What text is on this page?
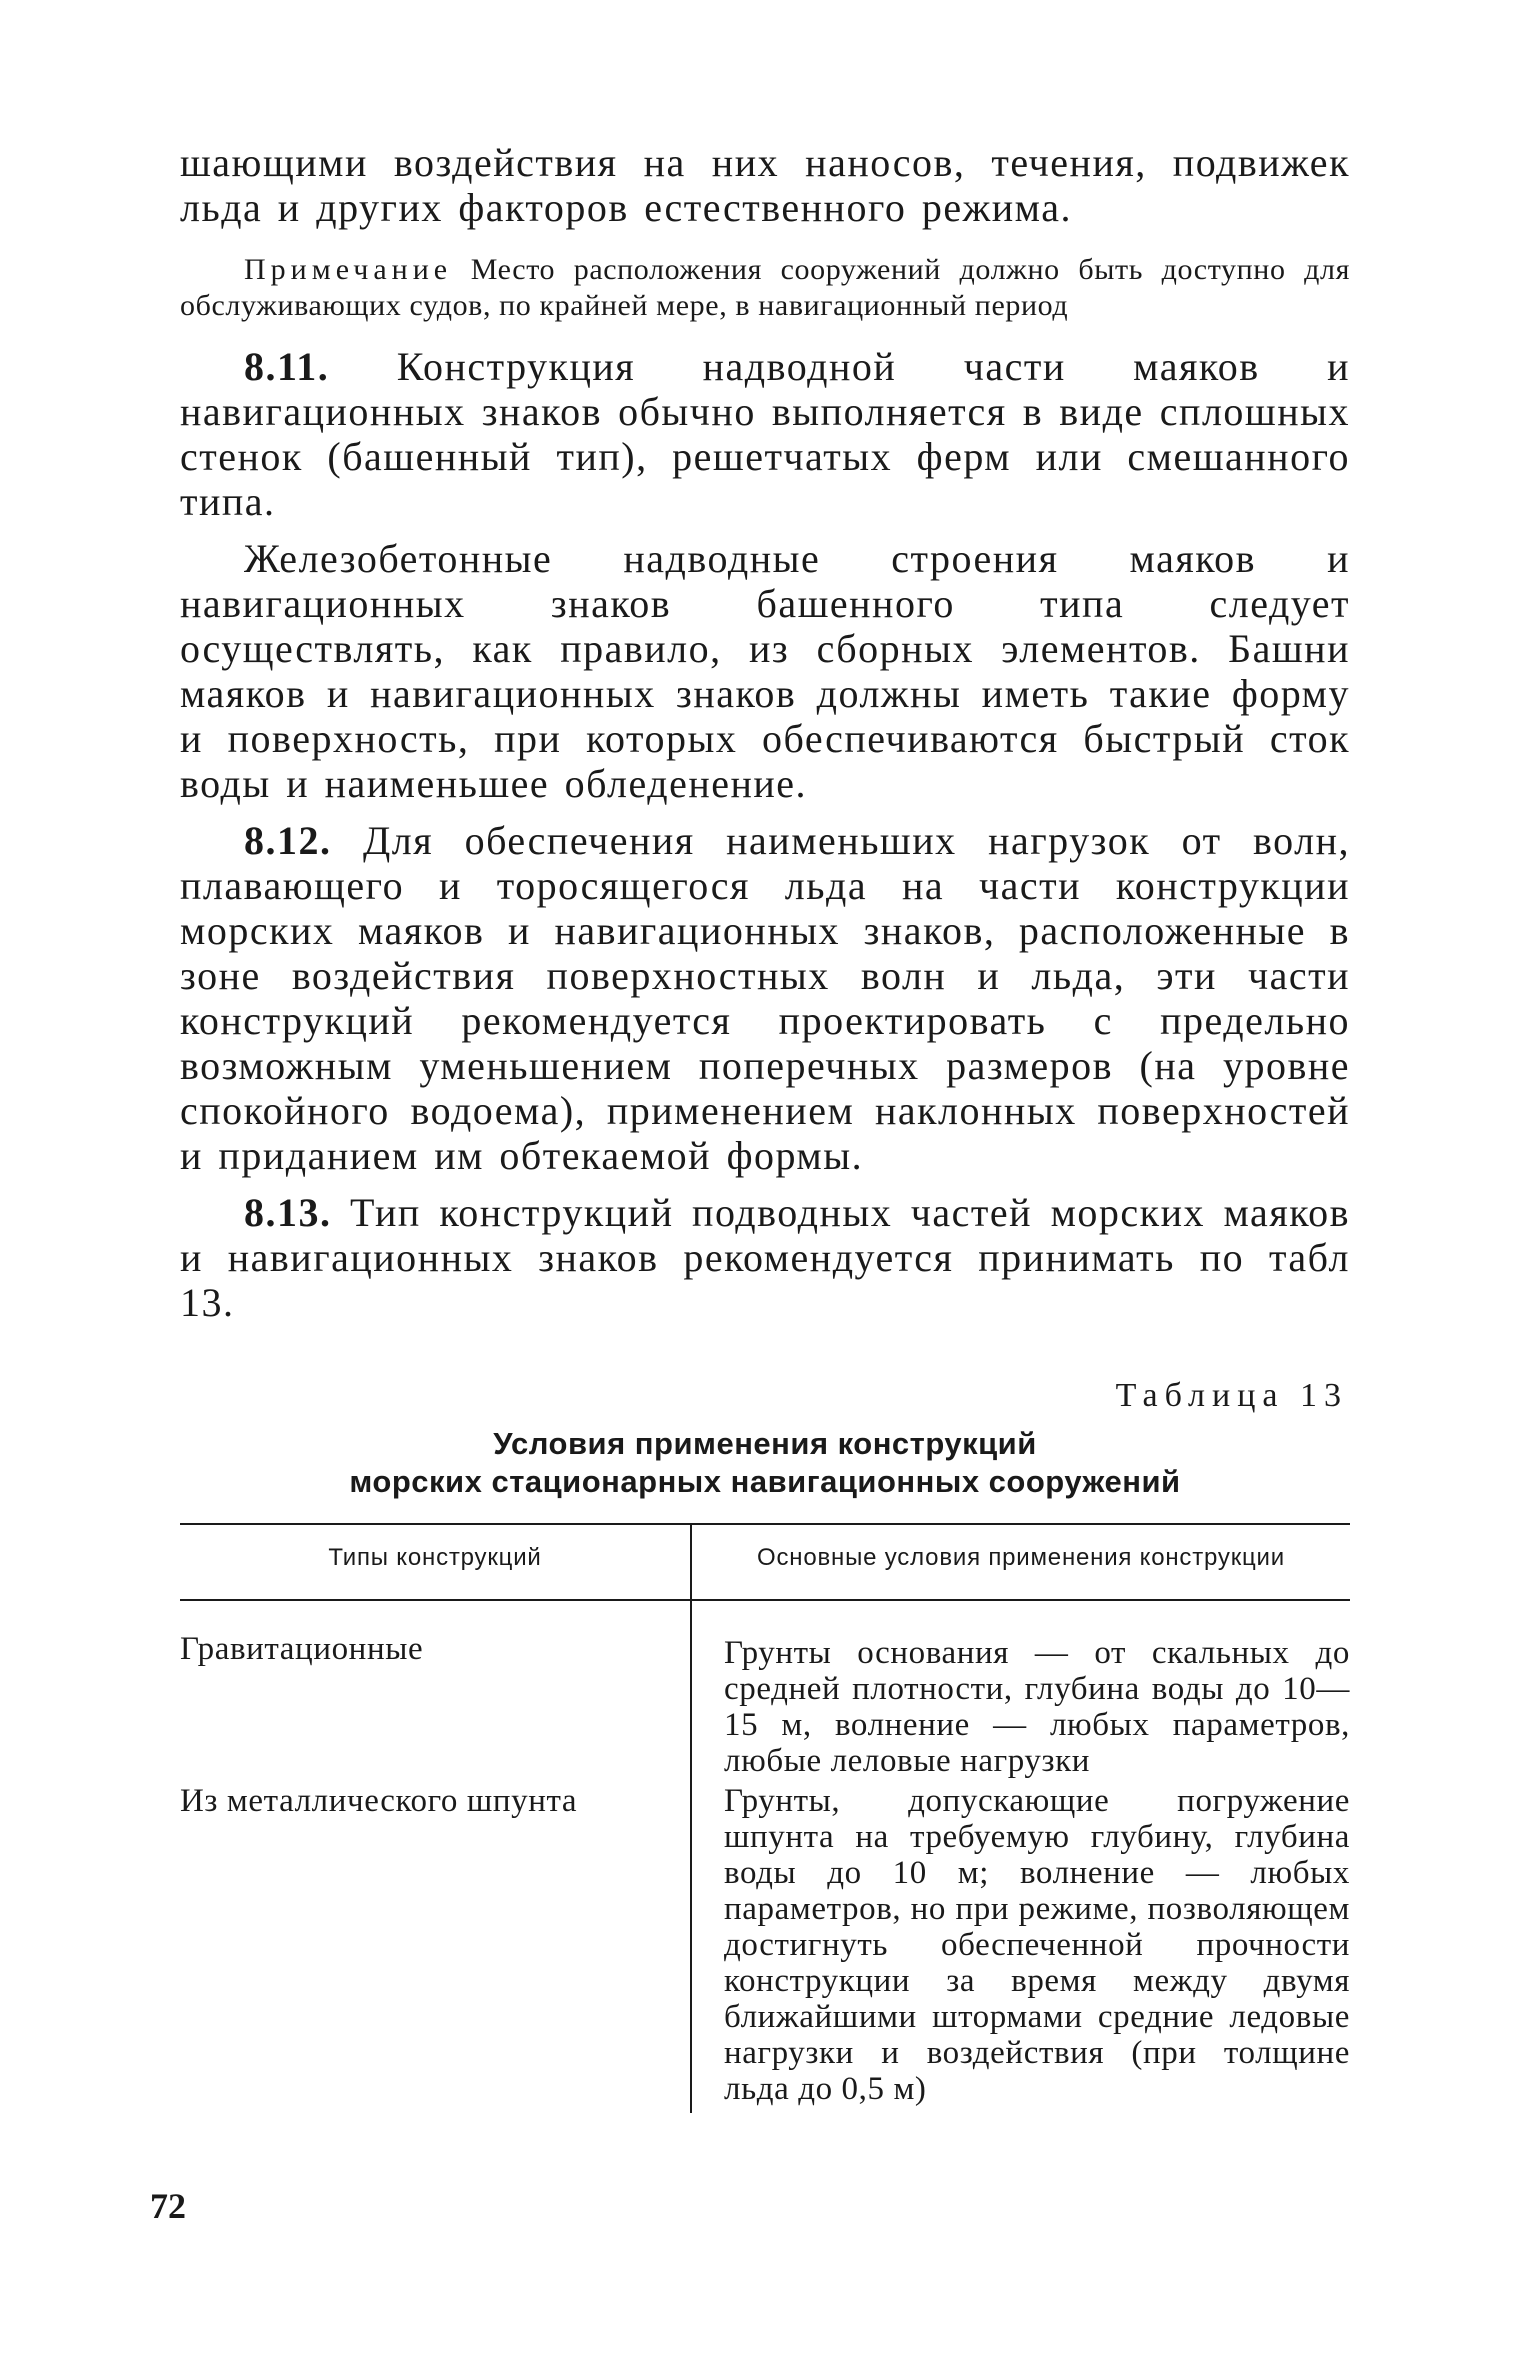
шающими воздействия на них наносов, течения, подвижек льда и других факторов естественного режима.

Примечание Место расположения сооружений должно быть доступно для обслуживающих судов, по крайней мере, в навигационный период

8.11. Конструкция надводной части маяков и навигационных знаков обычно выполняется в виде сплошных стенок (башенный тип), решетчатых ферм или смешанного типа.

Железобетонные надводные строения маяков и навигационных знаков башенного типа следует осуществлять, как правило, из сборных элементов. Башни маяков и навигационных знаков должны иметь такие форму и поверхность, при которых обеспечиваются быстрый сток воды и наименьшее обледенение.

8.12. Для обеспечения наименьших нагрузок от волн, плавающего и торосящегося льда на части конструкции морских маяков и навигационных знаков, расположенные в зоне воздействия поверхностных волн и льда, эти части конструкций рекомендуется проектировать с предельно возможным уменьшением поперечных размеров (на уровне спокойного водоема), применением наклонных поверхностей и приданием им обтекаемой формы.

8.13. Тип конструкций подводных частей морских маяков и навигационных знаков рекомендуется принимать по табл 13.

Таблица 13
Условия применения конструкций
морских стационарных навигационных сооружений
Типы конструкций	Основные условия применения конструкции
Гравитационные	Грунты основания — от скальных до средней плотности, глубина воды до 10—15 м, волнение — любых параметров, любые леловые нагрузки
Из металлического шпунта	Грунты, допускающие погружение шпунта на требуемую глубину, глубина воды до 10 м; волнение — любых параметров, но при режиме, позволяющем достигнуть обеспеченной прочности конструкции за время между двумя ближайшими штормами средние ледовые нагрузки и воздействия (при толщине льда до 0,5 м)
72
